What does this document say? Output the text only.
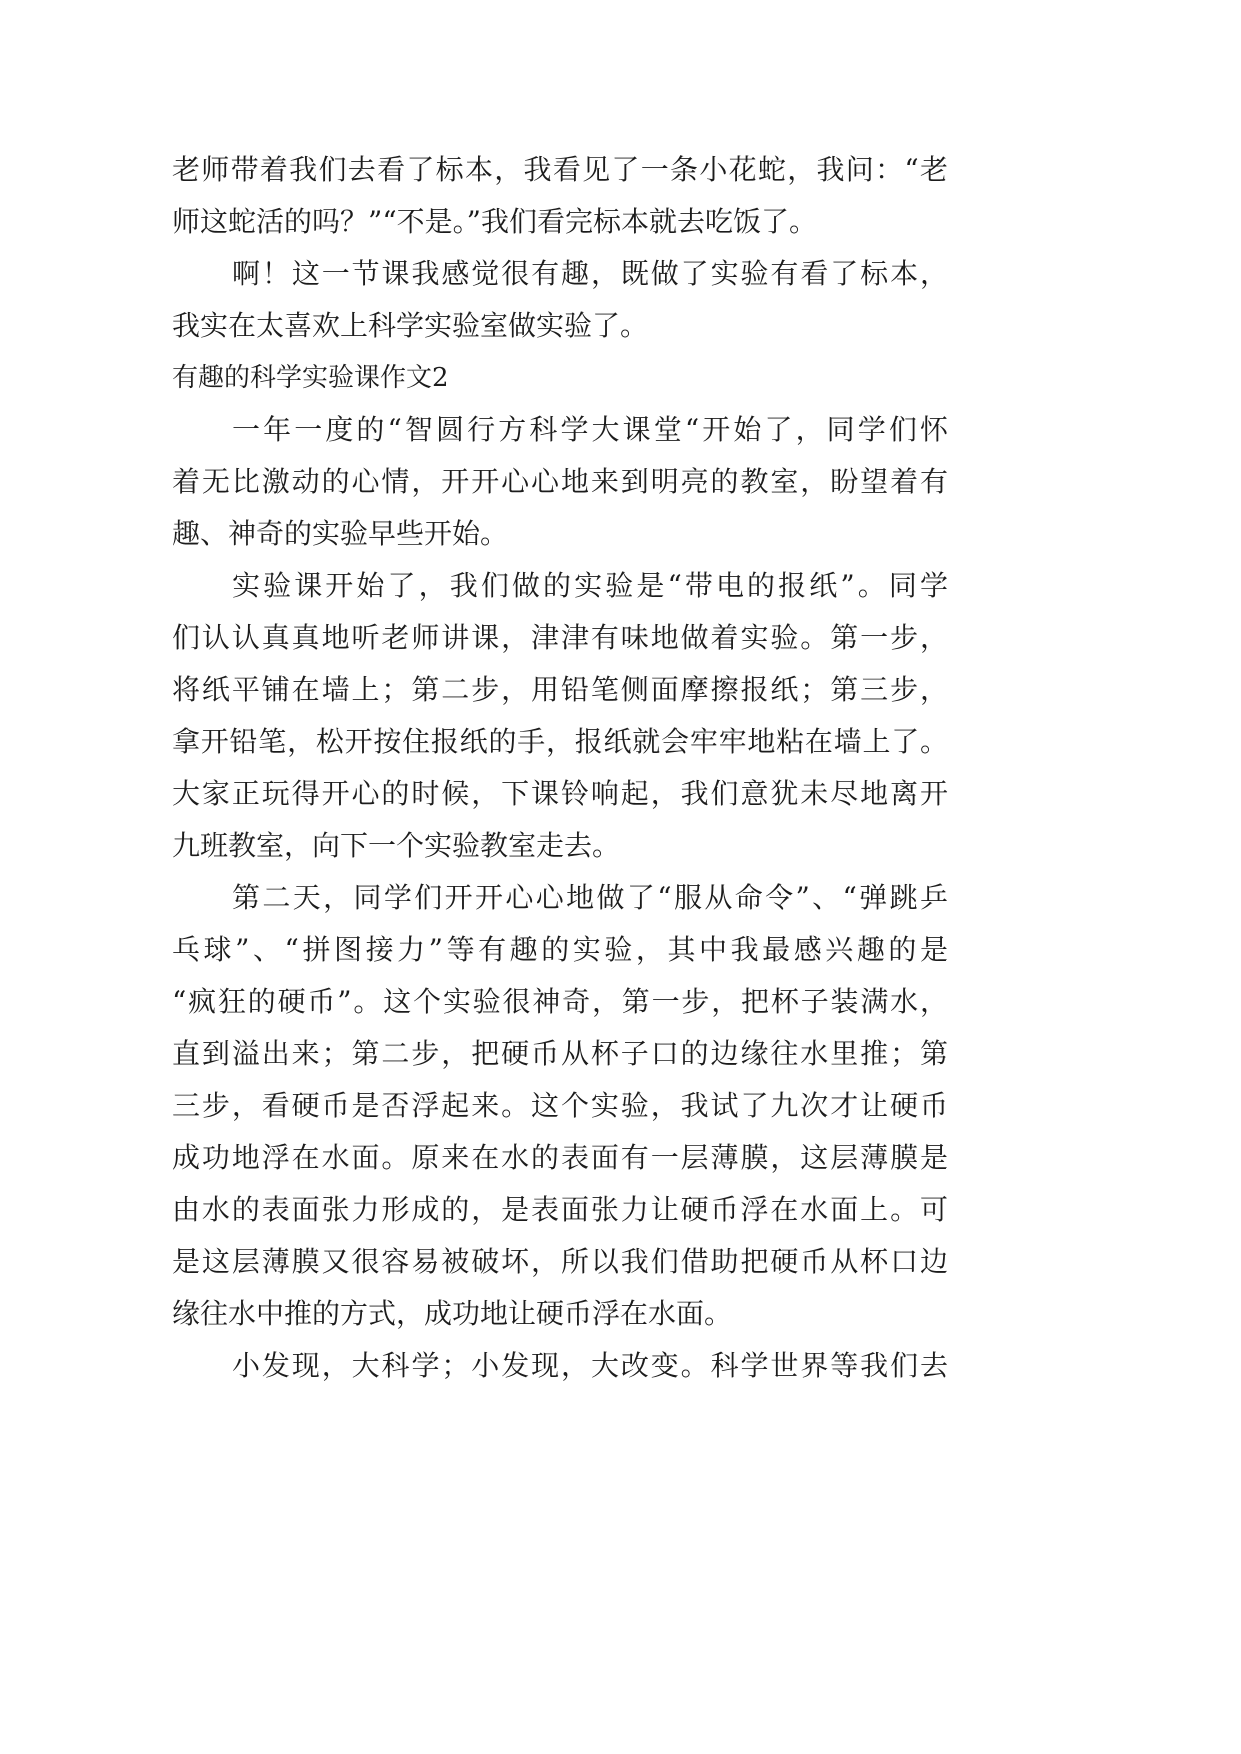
老师带着我们去看了标本，我看见了一条小花蛇，我问：“老
师这蛇活的吗？”“不是。”我们看完标本就去吃饭了。
啊！这一节课我感觉很有趣，既做了实验有看了标本，
我实在太喜欢上科学实验室做实验了。
有趣的科学实验课作文2
一年一度的“智圆行方科学大课堂“开始了，同学们怀
着无比激动的心情，开开心心地来到明亮的教室，盼望着有
趣、神奇的实验早些开始。
实验课开始了，我们做的实验是“带电的报纸”。同学
们认认真真地听老师讲课，津津有味地做着实验。第一步，
将纸平铺在墙上；第二步，用铅笔侧面摩擦报纸；第三步，
拿开铅笔，松开按住报纸的手，报纸就会牢牢地粘在墙上了。
大家正玩得开心的时候，下课铃响起，我们意犹未尽地离开
九班教室，向下一个实验教室走去。
第二天，同学们开开心心地做了“服从命令”、“弹跳乒
乓球”、“拼图接力”等有趣的实验，其中我最感兴趣的是
“疯狂的硬币”。这个实验很神奇，第一步，把杯子装满水，
直到溢出来；第二步，把硬币从杯子口的边缘往水里推；第
三步，看硬币是否浮起来。这个实验，我试了九次才让硬币
成功地浮在水面。原来在水的表面有一层薄膜，这层薄膜是
由水的表面张力形成的，是表面张力让硬币浮在水面上。可
是这层薄膜又很容易被破坏，所以我们借助把硬币从杯口边
缘往水中推的方式，成功地让硬币浮在水面。
小发现，大科学；小发现，大改变。科学世界等我们去
